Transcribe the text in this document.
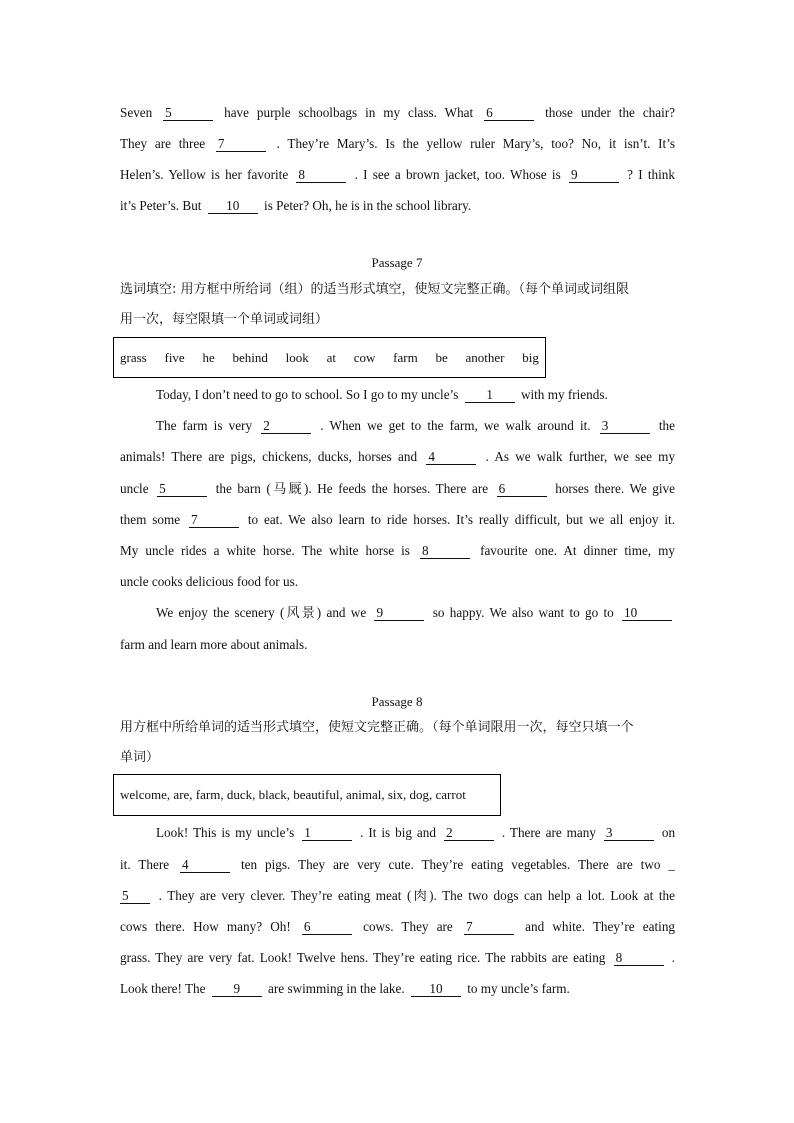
Seven 5	have purple schoolbags in my class. What 6	those under the chair?
They are three 7	. They’re Mary’s. Is the yellow ruler Mary’s, too? No, it isn’t. It’s
Helen’s. Yellow is her favorite 8	. I see a brown jacket, too. Whose is 9	? I think
it’s Peter’s. But 10 is Peter? Oh, he is in the school library.
Passage 7
选词填空: 用方框中所给词（组）的适当形式填空，使短文完整正确。（每个单词或词组限
用一次，每空限填一个单词或词组）
grass five he behind look at cow farm be another big
Today, I don’t need to go to school. So I go to my uncle’s 1 with my friends.
The farm is very 2	. When we get to the farm, we walk around it. 3	the
animals! There are pigs, chickens, ducks, horses and 4	. As we walk further, we see my
uncle 5	the barn (马厩). He feeds the horses. There are 6	horses there. We give
them some 7	to eat. We also learn to ride horses. It’s really difficult, but we all enjoy it.
My uncle rides a white horse. The white horse is 8	favourite one. At dinner time, my
uncle cooks delicious food for us.
We enjoy the scenery (风景) and we 9	so happy. We also want to go to 10
farm and learn more about animals.
Passage 8
用方框中所给单词的适当形式填空，使短文完整正确。（每个单词限用一次，每空只填一个
单词）
welcome, are, farm, duck, black, beautiful, animal, six, dog, carrot
Look! This is my uncle’s 1	. It is big and 2	. There are many 3	on
it. There 4	ten pigs. They are very cute. They’re eating vegetables. There are two _
5 . They are very clever. They’re eating meat (肉). The two dogs can help a lot. Look at the
cows there. How many? Oh! 6	cows. They are 7	and white. They’re eating
grass. They are very fat. Look! Twelve hens. They’re eating rice. The rabbits are eating 8	.
Look there! The 9 are swimming in the lake. 10 to my uncle’s farm.
